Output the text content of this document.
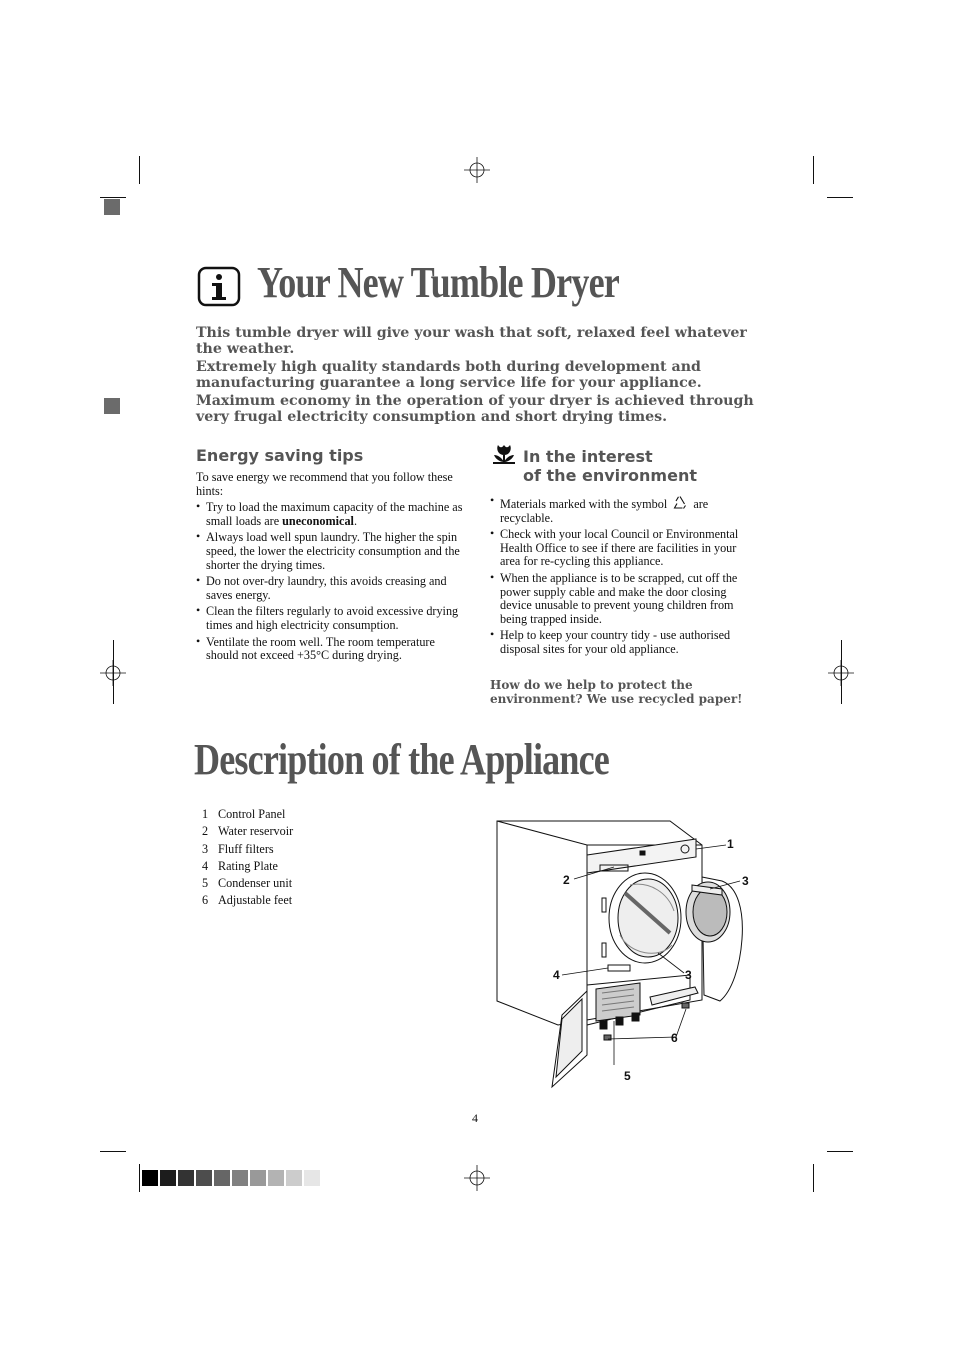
Your New Tumble Dryer

This tumble dryer will give your wash that soft, relaxed feel whatever the weather.

Extremely high quality standards both during development and manufacturing guarantee a long service life for your appliance.

Maximum economy in the operation of your dryer is achieved through very frugal electricity consumption and short drying times.

Energy saving tips
To save energy we recommend that you follow these hints:
• Try to load the maximum capacity of the machine as small loads are uneconomical.
• Always load well spun laundry. The higher the spin speed, the lower the electricity consumption and the shorter the drying times.
• Do not over-dry laundry, this avoids creasing and saves energy.
• Clean the filters regularly to avoid excessive drying times and high electricity consumption.
• Ventilate the room well. The room temperature should not exceed +35°C during drying.
In the interest
of the environment
• Materials marked with the symbol are recyclable.
• Check with your local Council or Environmental Health Office to see if there are facilities in your area for re-cycling this appliance.
• When the appliance is to be scrapped, cut off the power supply cable and make the door closing device unusable to prevent young children from being trapped inside.
• Help to keep your country tidy - use authorised disposal sites for your old appliance.
How do we help to protect the environment? We use recycled paper!
Description of the Appliance
1 Control Panel
2 Water reservoir
3 Fluff filters
4 Rating Plate
5 Condenser unit
6 Adjustable feet
1
2	3
3
4
5
6
4
